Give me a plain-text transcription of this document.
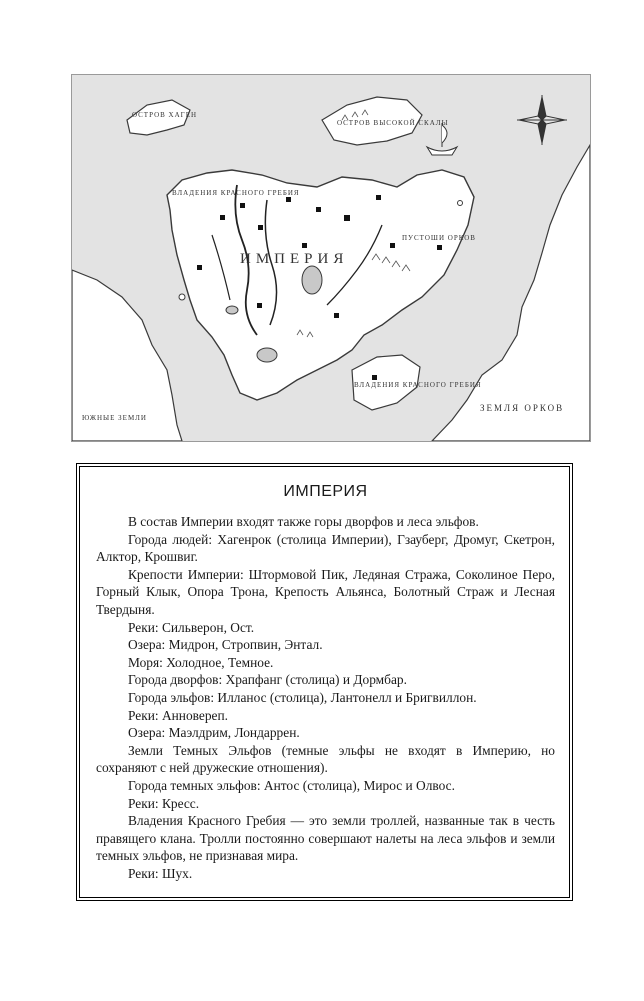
ИМПЕРИЯ
ПУСТОШИ ОРКОВ
ЗЕМЛЯ ОРКОВ
ЮЖНЫЕ ЗЕМЛИ
ОСТРОВ ХАГЕН
ОСТРОВ ВЫСОКОЙ СКАЛЫ
ВЛАДЕНИЯ КРАСНОГО ГРЕБИЯ
ВЛАДЕНИЯ КРАСНОГО ГРЕБИЯ
ИМПЕРИЯ

В состав Империи входят также горы дворфов и леса эльфов.

Города людей: Хагенрок (столица Империи), Гзауберг, Дромуг, Скетрон, Алктор, Крошвиг.

Крепости Империи: Штормовой Пик, Ледяная Стража, Соколиное Перо, Горный Клык, Опора Трона, Крепость Альянса, Болотный Страж и Лесная Твердыня.

Реки: Сильверон, Ост.

Озера: Мидрон, Стропвин, Энтал.

Моря: Холодное, Темное.

Города дворфов: Храпфанг (столица) и Дормбар.

Города эльфов: Илланос (столица), Лантонелл и Бригвиллон.

Реки: Анновереп.

Озера: Маэлдрим, Лондаррен.

Земли Темных Эльфов (темные эльфы не входят в Империю, но сохраняют с ней дружеские отношения).

Города темных эльфов: Антос (столица), Мирос и Олвос.

Реки: Кресс.

Владения Красного Гребия — это земли троллей, названные так в честь правящего клана. Тролли постоянно совершают налеты на леса эльфов и земли темных эльфов, не признавая мира.

Реки: Шух.
